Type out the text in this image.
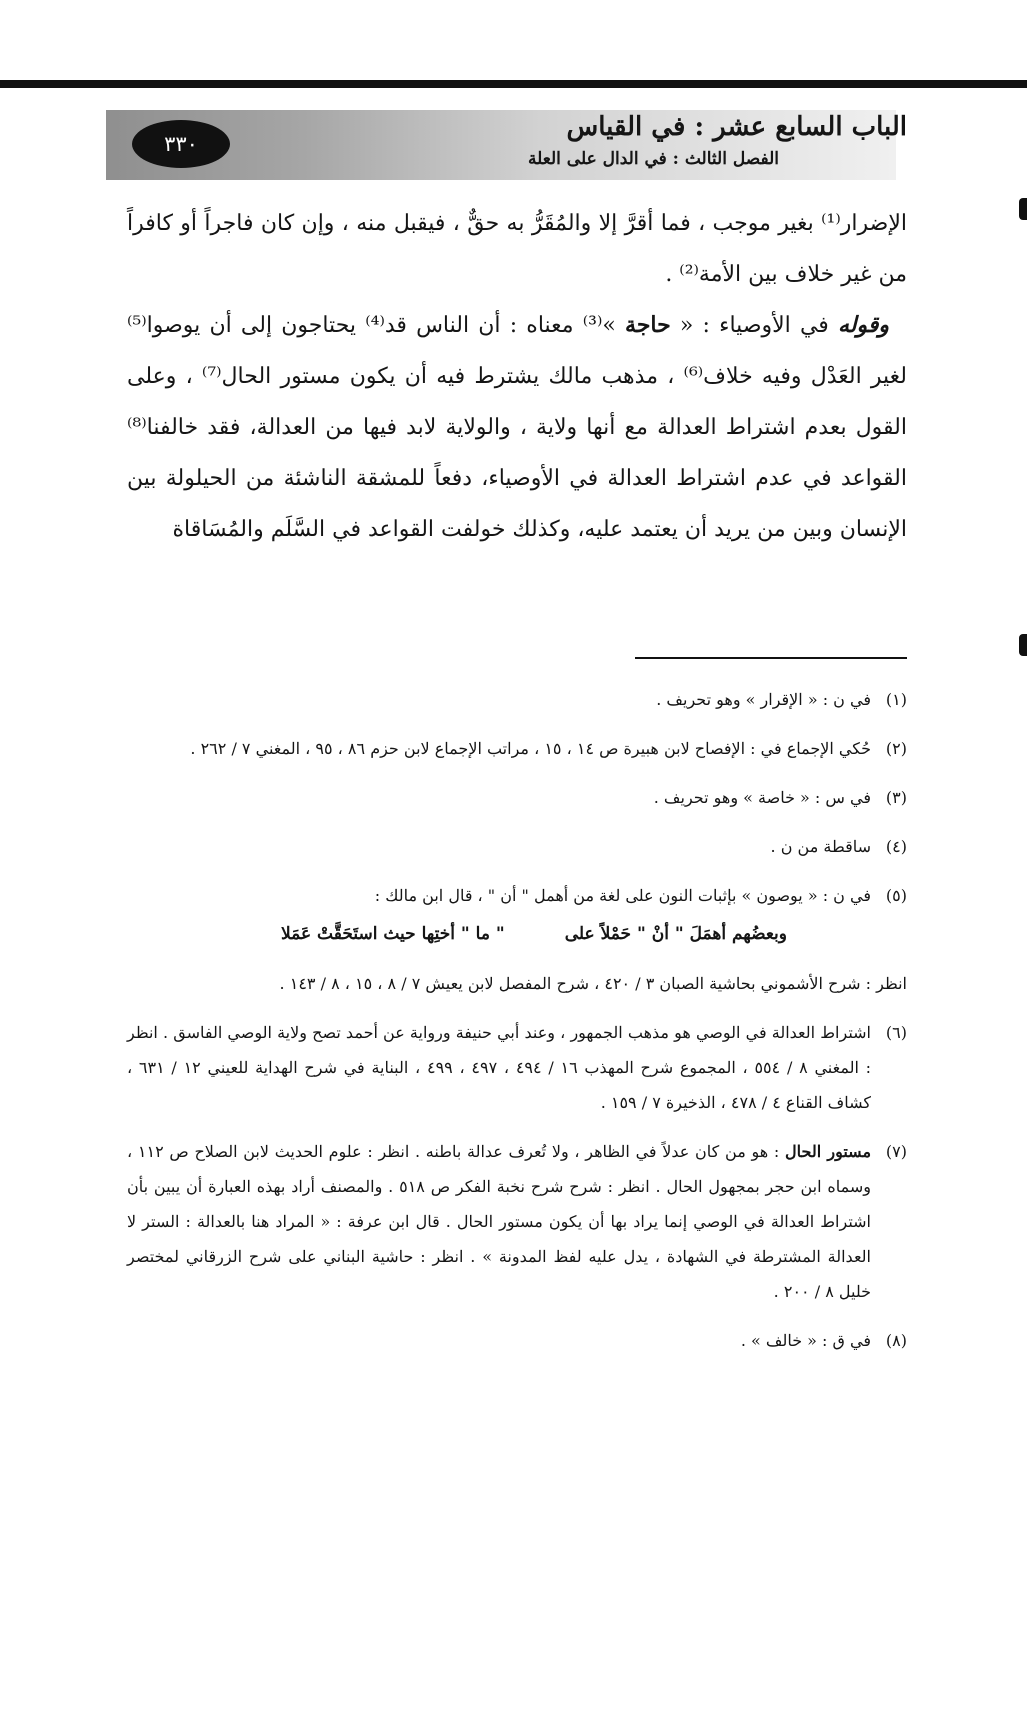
٣٣٠
الباب السابع عشر : في القياس
الفصل الثالث : في الدال على العلة

الإضرار⁽¹⁾ بغير موجب ، فما أقرَّ إلا والمُقَرُّ به حقٌّ ، فيقبل منه ، وإن كان فاجراً أو كافراً من غير خلاف بين الأمة⁽²⁾ .

وقوله في الأوصياء : « حاجة »⁽³⁾ معناه : أن الناس قد⁽⁴⁾ يحتاجون إلى أن يوصوا⁽⁵⁾ لغير العَدْل وفيه خلاف⁽⁶⁾ ، مذهب مالك يشترط فيه أن يكون مستور الحال⁽⁷⁾ ، وعلى القول بعدم اشتراط العدالة مع أنها ولاية ، والولاية لابد فيها من العدالة، فقد خالفنا⁽⁸⁾ القواعد في عدم اشتراط العدالة في الأوصياء، دفعاً للمشقة الناشئة من الحيلولة بين الإنسان وبين من يريد أن يعتمد عليه، وكذلك خولفت القواعد في السَّلَم والمُسَاقاة

(١)في ن : « الإقرار » وهو تحريف .

(٢)حُكي الإجماع في : الإفصاح لابن هبيرة ص ١٤ ، ١٥ ، مراتب الإجماع لابن حزم ٨٦ ، ٩٥ ، المغني ٧ / ٢٦٢ .

(٣)في س : « خاصة » وهو تحريف .

(٤)ساقطة من ن .

(٥)في ن : « يوصون » بإثبات النون على لغة من أهمل " أن " ، قال ابن مالك :

وبعضُهم أهمَلَ " أنْ " حَمْلاً على" ما " أختِها حيث استَحَقَّتْ عَمَلا

انظر : شرح الأشموني بحاشية الصبان ٣ / ٤٢٠ ، شرح المفصل لابن يعيش ٧ / ٨ ، ١٥ ، ٨ / ١٤٣ .

(٦)اشتراط العدالة في الوصي هو مذهب الجمهور ، وعند أبي حنيفة ورواية عن أحمد تصح ولاية الوصي الفاسق . انظر : المغني ٨ / ٥٥٤ ، المجموع شرح المهذب ١٦ / ٤٩٤ ، ٤٩٧ ، ٤٩٩ ، البناية في شرح الهداية للعيني ١٢ / ٦٣١ ، كشاف القناع ٤ / ٤٧٨ ، الذخيرة ٧ / ١٥٩ .

(٧)مستور الحال : هو من كان عدلاً في الظاهر ، ولا تُعرف عدالة باطنه . انظر : علوم الحديث لابن الصلاح ص ١١٢ ، وسماه ابن حجر بمجهول الحال . انظر : شرح شرح نخبة الفكر ص ٥١٨ . والمصنف أراد بهذه العبارة أن يبين بأن اشتراط العدالة في الوصي إنما يراد بها أن يكون مستور الحال . قال ابن عرفة : « المراد هنا بالعدالة : الستر لا العدالة المشترطة في الشهادة ، يدل عليه لفظ المدونة » . انظر : حاشية البناني على شرح الزرقاني لمختصر خليل ٨ / ٢٠٠ .

(٨)في ق : « خالف » .
